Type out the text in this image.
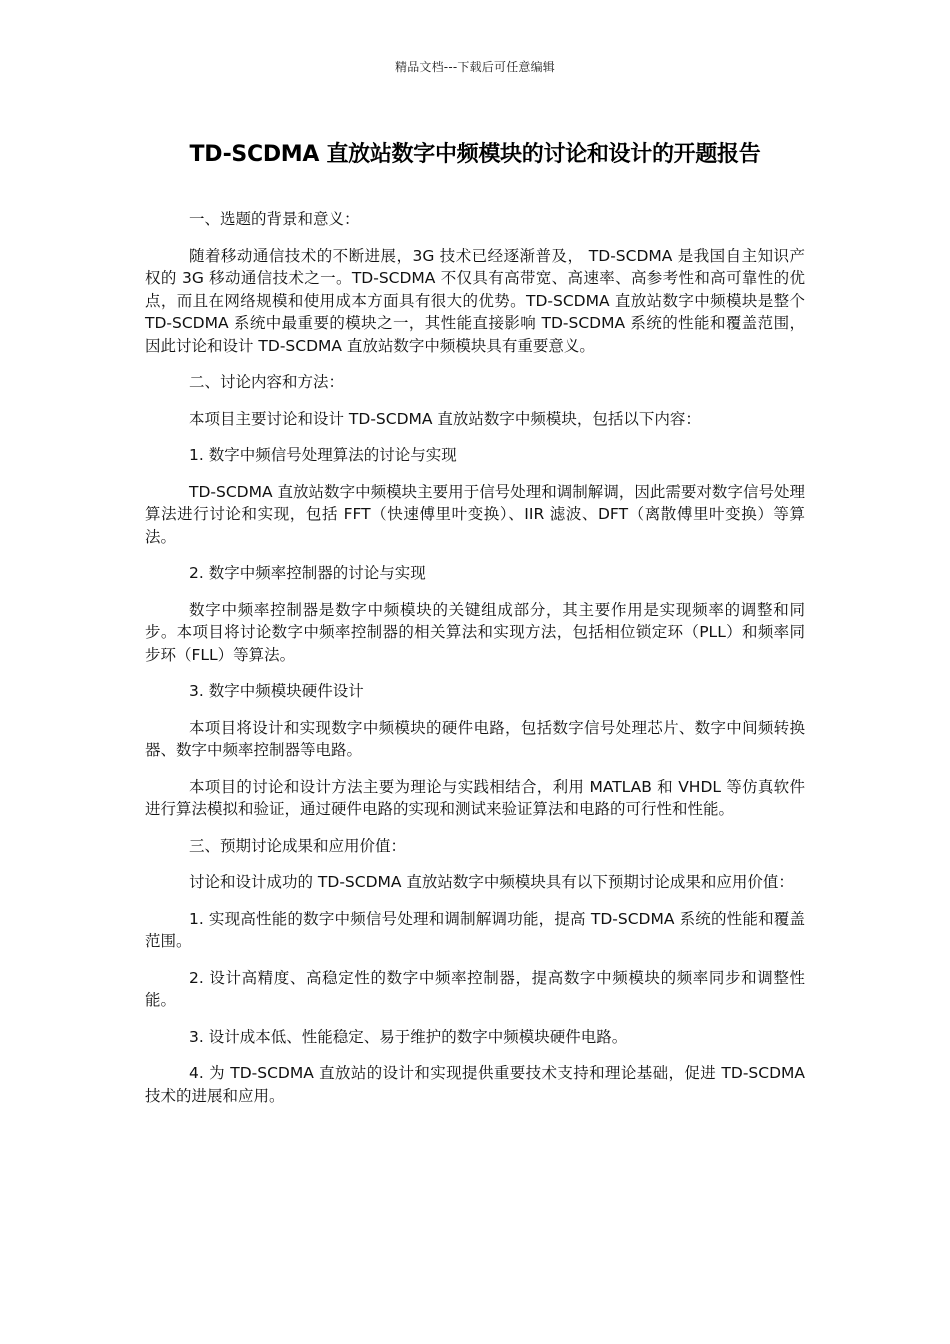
精品文档---下载后可任意编辑
TD-SCDMA 直放站数字中频模块的讨论和设计的开题报告

一、选题的背景和意义：

随着移动通信技术的不断进展，3G 技术已经逐渐普及， TD-SCDMA 是我国自主知识产权的 3G 移动通信技术之一。TD-SCDMA 不仅具有高带宽、高速率、高参考性和高可靠性的优点，而且在网络规模和使用成本方面具有很大的优势。TD-SCDMA 直放站数字中频模块是整个 TD-SCDMA 系统中最重要的模块之一，其性能直接影响 TD-SCDMA 系统的性能和覆盖范围，因此讨论和设计 TD-SCDMA 直放站数字中频模块具有重要意义。

二、讨论内容和方法：

本项目主要讨论和设计 TD-SCDMA 直放站数字中频模块，包括以下内容：

1. 数字中频信号处理算法的讨论与实现

TD-SCDMA 直放站数字中频模块主要用于信号处理和调制解调，因此需要对数字信号处理算法进行讨论和实现，包括 FFT（快速傅里叶变换）、IIR 滤波、DFT（离散傅里叶变换）等算法。

2. 数字中频率控制器的讨论与实现

数字中频率控制器是数字中频模块的关键组成部分，其主要作用是实现频率的调整和同步。本项目将讨论数字中频率控制器的相关算法和实现方法，包括相位锁定环（PLL）和频率同步环（FLL）等算法。

3. 数字中频模块硬件设计

本项目将设计和实现数字中频模块的硬件电路，包括数字信号处理芯片、数字中间频转换器、数字中频率控制器等电路。

本项目的讨论和设计方法主要为理论与实践相结合，利用 MATLAB 和 VHDL 等仿真软件进行算法模拟和验证，通过硬件电路的实现和测试来验证算法和电路的可行性和性能。

三、预期讨论成果和应用价值：

讨论和设计成功的 TD-SCDMA 直放站数字中频模块具有以下预期讨论成果和应用价值：

1. 实现高性能的数字中频信号处理和调制解调功能，提高 TD-SCDMA 系统的性能和覆盖范围。

2. 设计高精度、高稳定性的数字中频率控制器，提高数字中频模块的频率同步和调整性能。

3. 设计成本低、性能稳定、易于维护的数字中频模块硬件电路。

4. 为 TD-SCDMA 直放站的设计和实现提供重要技术支持和理论基础，促进 TD-SCDMA 技术的进展和应用。
